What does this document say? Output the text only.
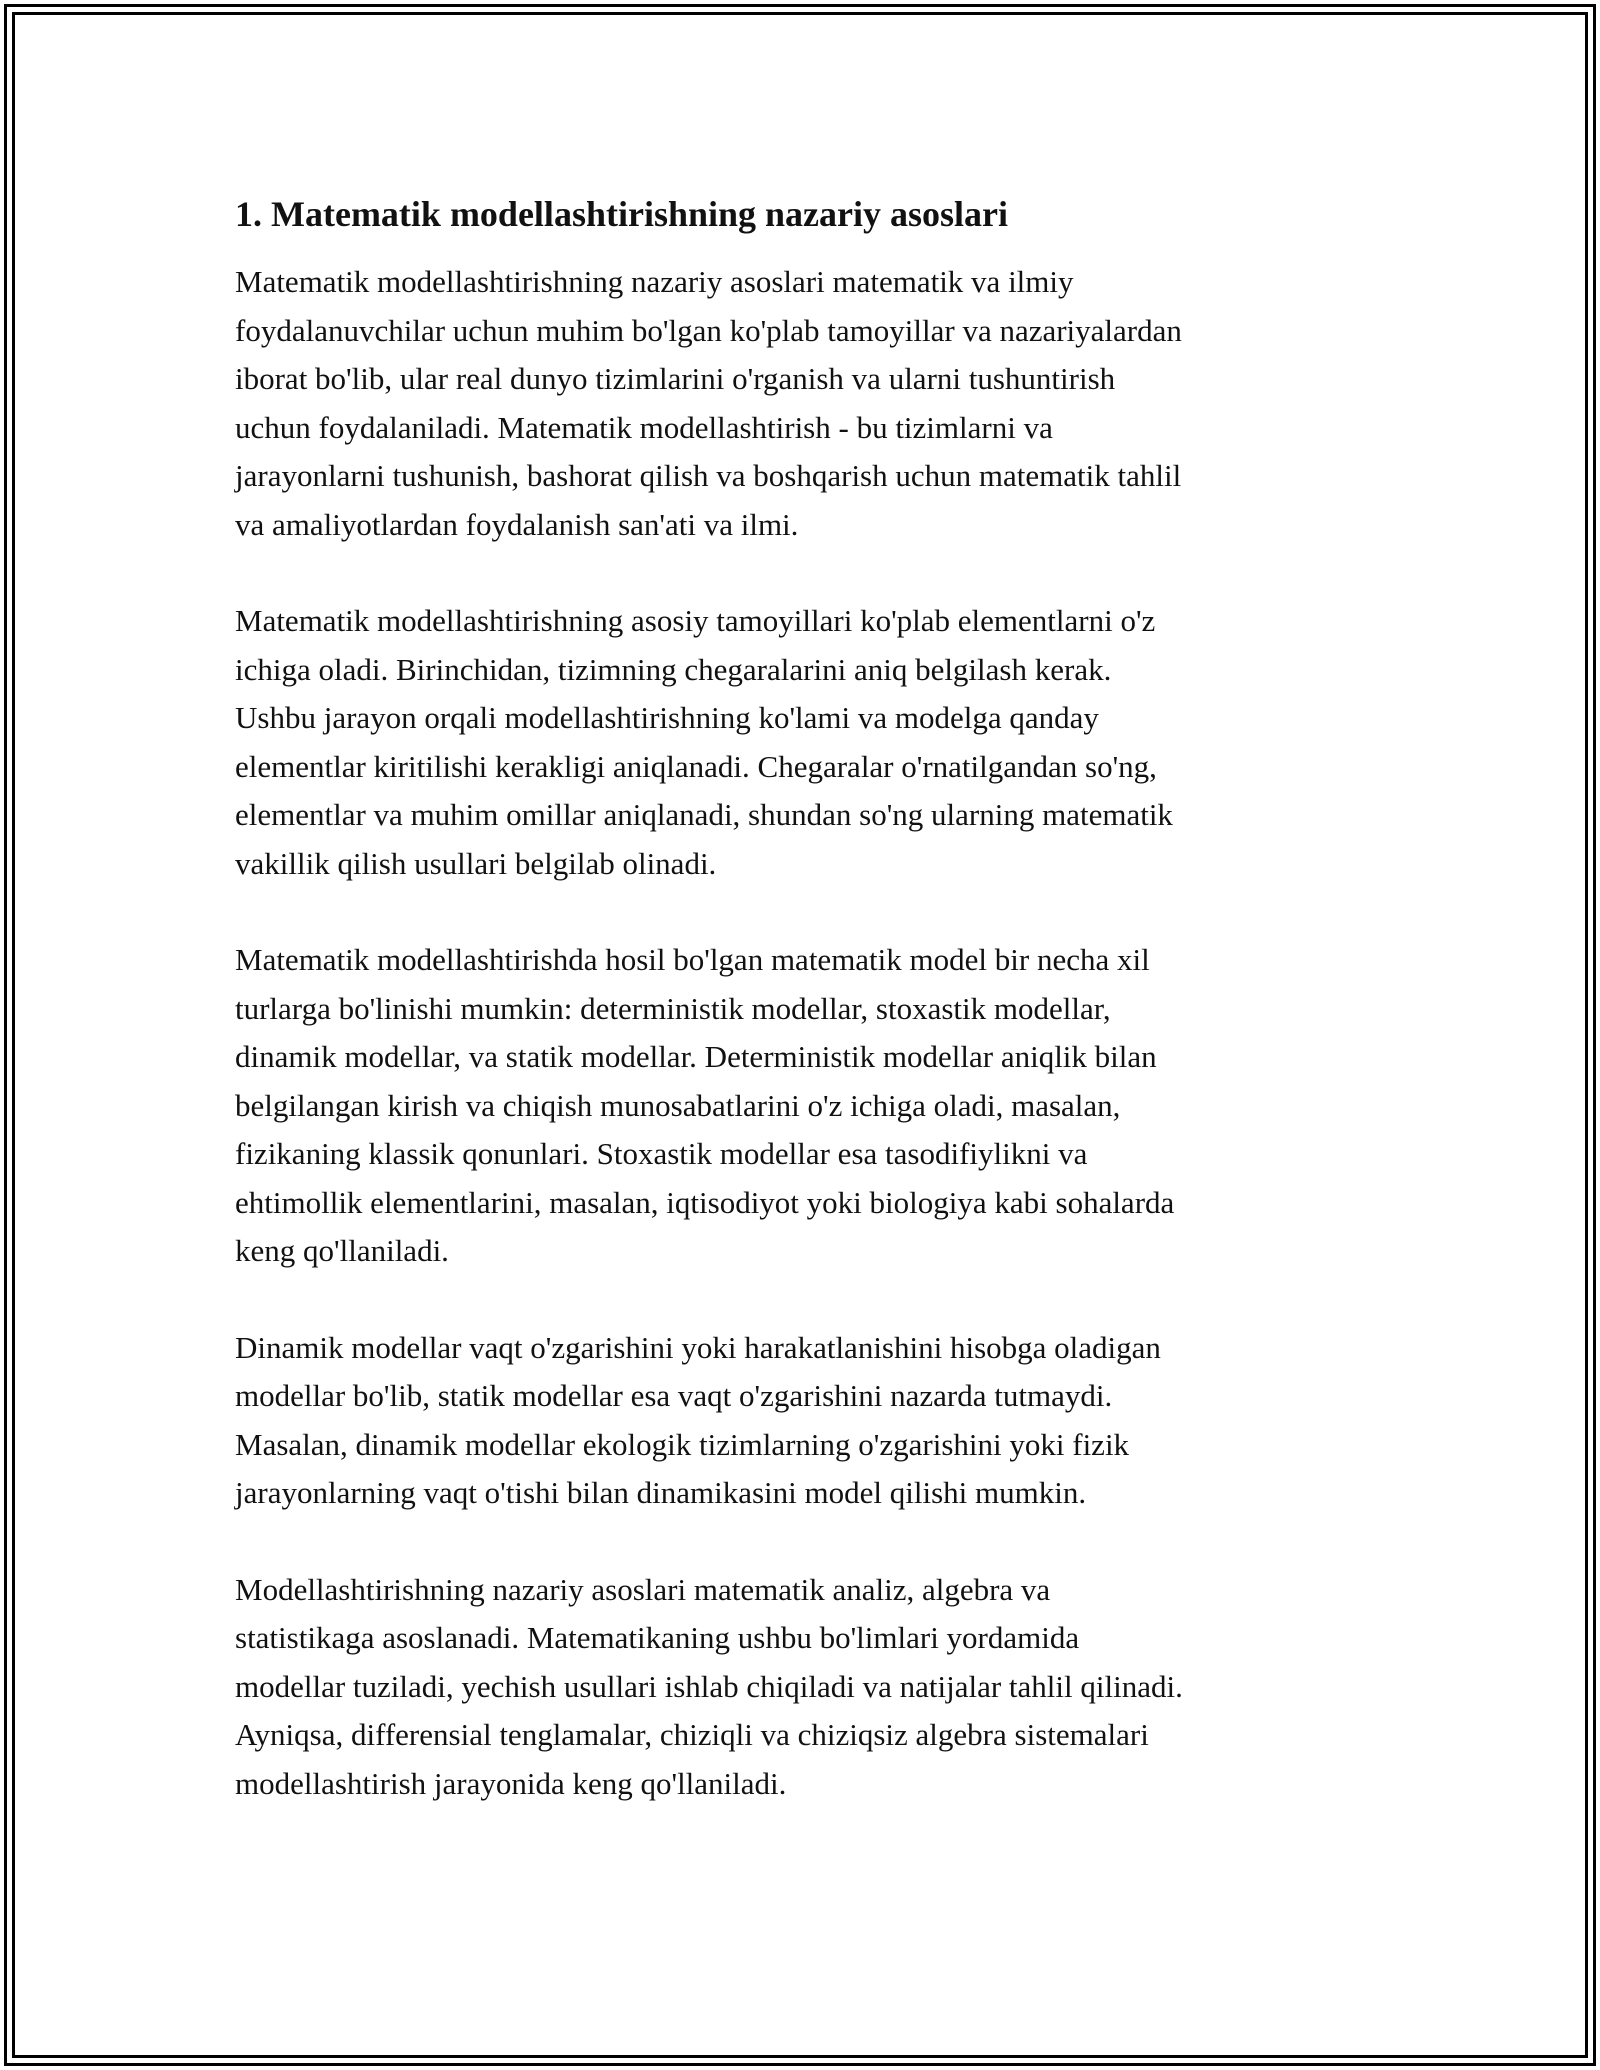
1. Matematik modellashtirishning nazariy asoslari

Matematik modellashtirishning nazariy asoslari matematik va ilmiy
foydalanuvchilar uchun muhim bo'lgan ko'plab tamoyillar va nazariyalardan
iborat bo'lib, ular real dunyo tizimlarini o'rganish va ularni tushuntirish
uchun foydalaniladi. Matematik modellashtirish - bu tizimlarni va
jarayonlarni tushunish, bashorat qilish va boshqarish uchun matematik tahlil
va amaliyotlardan foydalanish san'ati va ilmi.

Matematik modellashtirishning asosiy tamoyillari ko'plab elementlarni o'z
ichiga oladi. Birinchidan, tizimning chegaralarini aniq belgilash kerak.
Ushbu jarayon orqali modellashtirishning ko'lami va modelga qanday
elementlar kiritilishi kerakligi aniqlanadi. Chegaralar o'rnatilgandan so'ng,
elementlar va muhim omillar aniqlanadi, shundan so'ng ularning matematik
vakillik qilish usullari belgilab olinadi.

Matematik modellashtirishda hosil bo'lgan matematik model bir necha xil
turlarga bo'linishi mumkin: deterministik modellar, stoxastik modellar,
dinamik modellar, va statik modellar. Deterministik modellar aniqlik bilan
belgilangan kirish va chiqish munosabatlarini o'z ichiga oladi, masalan,
fizikaning klassik qonunlari. Stoxastik modellar esa tasodifiylikni va
ehtimollik elementlarini, masalan, iqtisodiyot yoki biologiya kabi sohalarda
keng qo'llaniladi.

Dinamik modellar vaqt o'zgarishini yoki harakatlanishini hisobga oladigan
modellar bo'lib, statik modellar esa vaqt o'zgarishini nazarda tutmaydi.
Masalan, dinamik modellar ekologik tizimlarning o'zgarishini yoki fizik
jarayonlarning vaqt o'tishi bilan dinamikasini model qilishi mumkin.

Modellashtirishning nazariy asoslari matematik analiz, algebra va
statistikaga asoslanadi. Matematikaning ushbu bo'limlari yordamida
modellar tuziladi, yechish usullari ishlab chiqiladi va natijalar tahlil qilinadi.
Ayniqsa, differensial tenglamalar, chiziqli va chiziqsiz algebra sistemalari
modellashtirish jarayonida keng qo'llaniladi.
